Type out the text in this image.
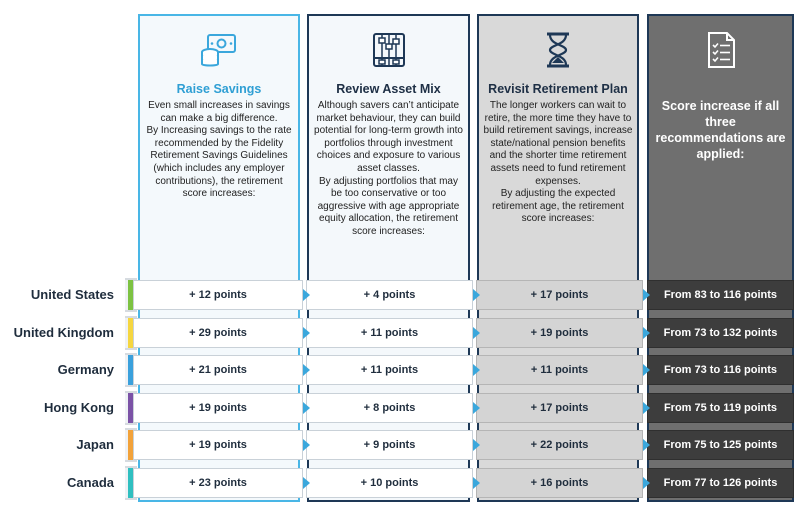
Raise Savings
Even small increases in savings can make a big difference.
By Increasing savings to the rate recommended by the Fidelity Retirement Savings Guidelines (which includes any employer contributions), the retirement score increases:
Review Asset Mix
Although savers can’t anticipate market behaviour, they can build potential for long-term growth into portfolios through investment choices and exposure to various asset classes.
By adjusting portfolios that may be too conservative or too aggressive with age appropriate equity allocation, the retirement score increases:
Revisit Retirement Plan
The longer workers can wait to retire, the more time they have to build retirement savings, increase state/national pension benefits and the shorter time retirement assets need to fund retirement expenses.
By adjusting the expected retirement age, the retirement score increases:
Score increase if all three recommendations are applied:
United States	+ 12 points	+ 4 points	+ 17 points	From 83 to 116 points
United Kingdom	+ 29 points	+ 11 points	+ 19 points	From 73 to 132 points
Germany	+ 21 points	+ 11 points	+ 11 points	From 73 to 116 points
Hong Kong	+ 19 points	+ 8 points	+ 17 points	From 75 to 119 points
Japan	+ 19 points	+ 9 points	+ 22 points	From 75 to 125 points
Canada	+ 23 points	+ 10 points	+ 16 points	From 77 to 126 points
